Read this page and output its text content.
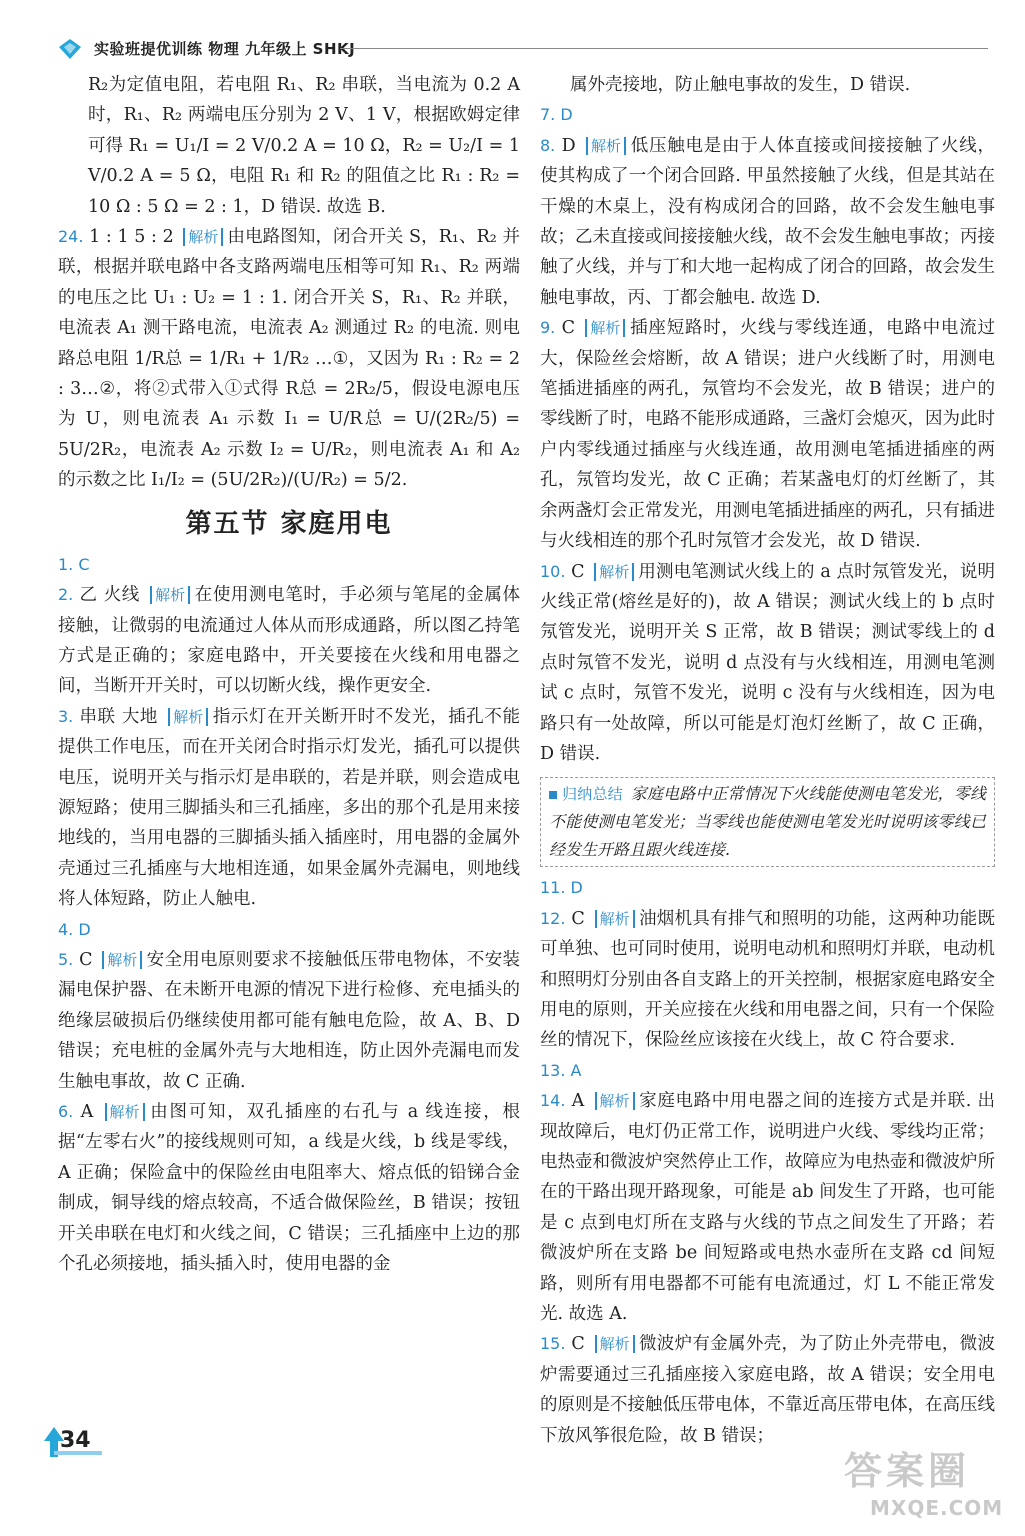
实验班提优训练 物理 九年级上 SHKJ

R₂为定值电阻，若电阻 R₁、R₂ 串联，当电流为 0.2 A 时，R₁、R₂ 两端电压分别为 2 V、1 V，根据欧姆定律可得 R₁ = U₁/I = 2 V/0.2 A = 10 Ω，R₂ = U₂/I = 1 V/0.2 A = 5 Ω，电阻 R₁ 和 R₂ 的阻值之比 R₁ : R₂ = 10 Ω : 5 Ω = 2 : 1，D 错误. 故选 B.

24. 1 : 1 5 : 2 解析 由电路图知，闭合开关 S，R₁、R₂ 并联，根据并联电路中各支路两端电压相等可知 R₁、R₂ 两端的电压之比 U₁ : U₂ = 1 : 1. 闭合开关 S，R₁、R₂ 并联，电流表 A₁ 测干路电流，电流表 A₂ 测通过 R₂ 的电流. 则电路总电阻 1/R总 = 1/R₁ + 1/R₂ …①，又因为 R₁ : R₂ = 2 : 3…②，将②式带入①式得 R总 = 2R₂/5，假设电源电压为 U，则电流表 A₁ 示数 I₁ = U/R总 = U/(2R₂/5) = 5U/2R₂，电流表 A₂ 示数 I₂ = U/R₂，则电流表 A₁ 和 A₂ 的示数之比 I₁/I₂ = (5U/2R₂)/(U/R₂) = 5/2.

第五节 家庭用电

1. C

2. 乙 火线 解析 在使用测电笔时，手必须与笔尾的金属体接触，让微弱的电流通过人体从而形成通路，所以图乙持笔方式是正确的；家庭电路中，开关要接在火线和用电器之间，当断开开关时，可以切断火线，操作更安全.

3. 串联 大地 解析 指示灯在开关断开时不发光，插孔不能提供工作电压，而在开关闭合时指示灯发光，插孔可以提供电压，说明开关与指示灯是串联的，若是并联，则会造成电源短路；使用三脚插头和三孔插座，多出的那个孔是用来接地线的，当用电器的三脚插头插入插座时，用电器的金属外壳通过三孔插座与大地相连通，如果金属外壳漏电，则地线将人体短路，防止人触电.

4. D

5. C 解析 安全用电原则要求不接触低压带电物体，不安装漏电保护器、在未断开电源的情况下进行检修、充电插头的绝缘层破损后仍继续使用都可能有触电危险，故 A、B、D 错误；充电桩的金属外壳与大地相连，防止因外壳漏电而发生触电事故，故 C 正确.

6. A 解析 由图可知，双孔插座的右孔与 a 线连接，根据“左零右火”的接线规则可知，a 线是火线，b 线是零线，A 正确；保险盒中的保险丝由电阻率大、熔点低的铅锑合金制成，铜导线的熔点较高，不适合做保险丝，B 错误；按钮开关串联在电灯和火线之间，C 错误；三孔插座中上边的那个孔必须接地，插头插入时，使用电器的金

属外壳接地，防止触电事故的发生，D 错误.

7. D

8. D 解析 低压触电是由于人体直接或间接接触了火线，使其构成了一个闭合回路. 甲虽然接触了火线，但是其站在干燥的木桌上，没有构成闭合的回路，故不会发生触电事故；乙未直接或间接接触火线，故不会发生触电事故；丙接触了火线，并与丁和大地一起构成了闭合的回路，故会发生触电事故，丙、丁都会触电. 故选 D.

9. C 解析 插座短路时，火线与零线连通，电路中电流过大，保险丝会熔断，故 A 错误；进户火线断了时，用测电笔插进插座的两孔，氖管均不会发光，故 B 错误；进户的零线断了时，电路不能形成通路，三盏灯会熄灭，因为此时户内零线通过插座与火线连通，故用测电笔插进插座的两孔，氖管均发光，故 C 正确；若某盏电灯的灯丝断了，其余两盏灯会正常发光，用测电笔插进插座的两孔，只有插进与火线相连的那个孔时氖管才会发光，故 D 错误.

10. C 解析 用测电笔测试火线上的 a 点时氖管发光，说明火线正常(熔丝是好的)，故 A 错误；测试火线上的 b 点时氖管发光，说明开关 S 正常，故 B 错误；测试零线上的 d 点时氖管不发光，说明 d 点没有与火线相连，用测电笔测试 c 点时，氖管不发光，说明 c 没有与火线相连，因为电路只有一处故障，所以可能是灯泡灯丝断了，故 C 正确，D 错误.

归纳总结 家庭电路中正常情况下火线能使测电笔发光，零线不能使测电笔发光；当零线也能使测电笔发光时说明该零线已经发生开路且跟火线连接.

11. D

12. C 解析 油烟机具有排气和照明的功能，这两种功能既可单独、也可同时使用，说明电动机和照明灯并联，电动机和照明灯分别由各自支路上的开关控制，根据家庭电路安全用电的原则，开关应接在火线和用电器之间，只有一个保险丝的情况下，保险丝应该接在火线上，故 C 符合要求.

13. A

14. A 解析 家庭电路中用电器之间的连接方式是并联. 出现故障后，电灯仍正常工作，说明进户火线、零线均正常；电热壶和微波炉突然停止工作，故障应为电热壶和微波炉所在的干路出现开路现象，可能是 ab 间发生了开路，也可能是 c 点到电灯所在支路与火线的节点之间发生了开路；若微波炉所在支路 be 间短路或电热水壶所在支路 cd 间短路，则所有用电器都不可能有电流通过，灯 L 不能正常发光. 故选 A.

15. C 解析 微波炉有金属外壳，为了防止外壳带电，微波炉需要通过三孔插座接入家庭电路，故 A 错误；安全用电的原则是不接触低压带电体，不靠近高压带电体，在高压线下放风筝很危险，故 B 错误；

34
答案圈
MXQE.COM
